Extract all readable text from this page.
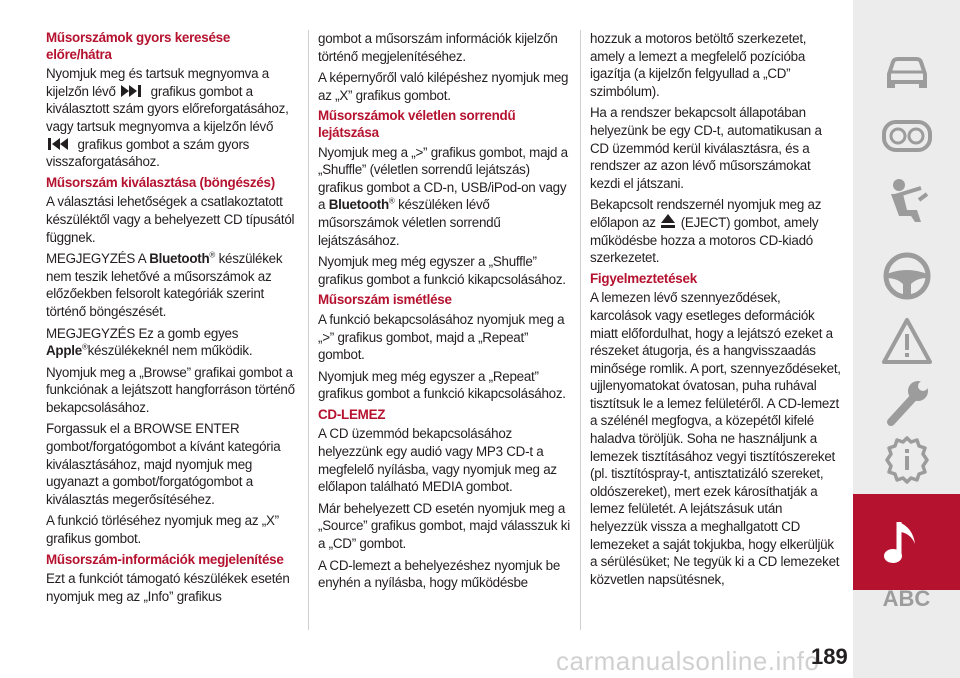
Műsorszámok gyors keresése előre/hátra

Nyomjuk meg és tartsuk megnyomva a kijelzőn lévő	grafikus gombot a kiválasztott szám gyors előreforgatásához, vagy tartsuk megnyomva a kijelzőn lévő
grafikus gombot a szám gyors visszaforgatásához.

Műsorszám kiválasztása (böngészés)

A választási lehetőségek a csatlakoztatott készüléktől vagy a behelyezett CD típusától függnek.

MEGJEGYZÉS A Bluetooth® készülékek nem teszik lehetővé a műsorszámok az előzőekben felsorolt kategóriák szerint történő böngészését.

MEGJEGYZÉS Ez a gomb egyes
Apple®készülékeknél nem működik.

Nyomjuk meg a „Browse” grafikai gombot a funkciónak a lejátszott hangforráson történő bekapcsolásához.

Forgassuk el a BROWSE ENTER gombot/forgatógombot a kívánt kategória kiválasztásához, majd nyomjuk meg ugyanazt a gombot/forgatógombot a kiválasztás megerősítéséhez.

A funkció törléséhez nyomjuk meg az „X” grafikus gombot.

Műsorszám-információk megjelenítése

Ezt a funkciót támogató készülékek esetén nyomjuk meg az „Info” grafikus

gombot a műsorszám információk kijelzőn történő megjelenítéséhez.

A képernyőről való kilépéshez nyomjuk meg az „X” grafikus gombot.

Műsorszámok véletlen sorrendű lejátszása

Nyomjuk meg a „>” grafikus gombot, majd a „Shuffle” (véletlen sorrendű lejátszás) grafikus gombot a CD-n, USB/iPod-on vagy a Bluetooth® készüléken lévő műsorszámok véletlen sorrendű lejátszásához.

Nyomjuk meg még egyszer a „Shuffle” grafikus gombot a funkció kikapcsolásához.

Műsorszám ismétlése

A funkció bekapcsolásához nyomjuk meg a „>” grafikus gombot, majd a „Repeat” gombot.

Nyomjuk meg még egyszer a „Repeat” grafikus gombot a funkció kikapcsolásához.

CD-LEMEZ

A CD üzemmód bekapcsolásához helyezzünk egy audió vagy MP3 CD-t a megfelelő nyílásba, vagy nyomjuk meg az előlapon található MEDIA gombot.

Már behelyezett CD esetén nyomjuk meg a „Source” grafikus gombot, majd válasszuk ki a „CD” gombot.

A CD-lemezt a behelyezéshez nyomjuk be enyhén a nyílásba, hogy működésbe

hozzuk a motoros betöltő szerkezetet, amely a lemezt a megfelelő pozícióba igazítja (a kijelzőn felgyullad a „CD” szimbólum).

Ha a rendszer bekapcsolt állapotában helyezünk be egy CD-t, automatikusan a CD üzemmód kerül kiválasztásra, és a rendszer az azon lévő műsorszámokat kezdi el játszani.

Bekapcsolt rendszernél nyomjuk meg az előlapon az (EJECT) gombot, amely működésbe hozza a motoros CD-kiadó szerkezetet.

Figyelmeztetések

A lemezen lévő szennyeződések, karcolások vagy esetleges deformációk miatt előfordulhat, hogy a lejátszó ezeket a részeket átugorja, és a hangvisszaadás minősége romlik. A port, szennyeződéseket, ujjlenyomatokat óvatosan, puha ruhával tisztítsuk le a lemez felületéről. A CD-lemezt a szélénél megfogva, a közepétől kifelé haladva töröljük. Soha ne használjunk a lemezek tisztításához vegyi tisztítószereket (pl. tisztítóspray-t, antisztatizáló szereket, oldószereket), mert ezek károsíthatják a lemez felületét. A lejátszásuk után helyezzük vissza a meghallgatott CD lemezeket a saját tokjukba, hogy elkerüljük a sérülésüket; Ne tegyük ki a CD lemezeket közvetlen napsütésnek,

ABC
carmanualsonline.info
189
